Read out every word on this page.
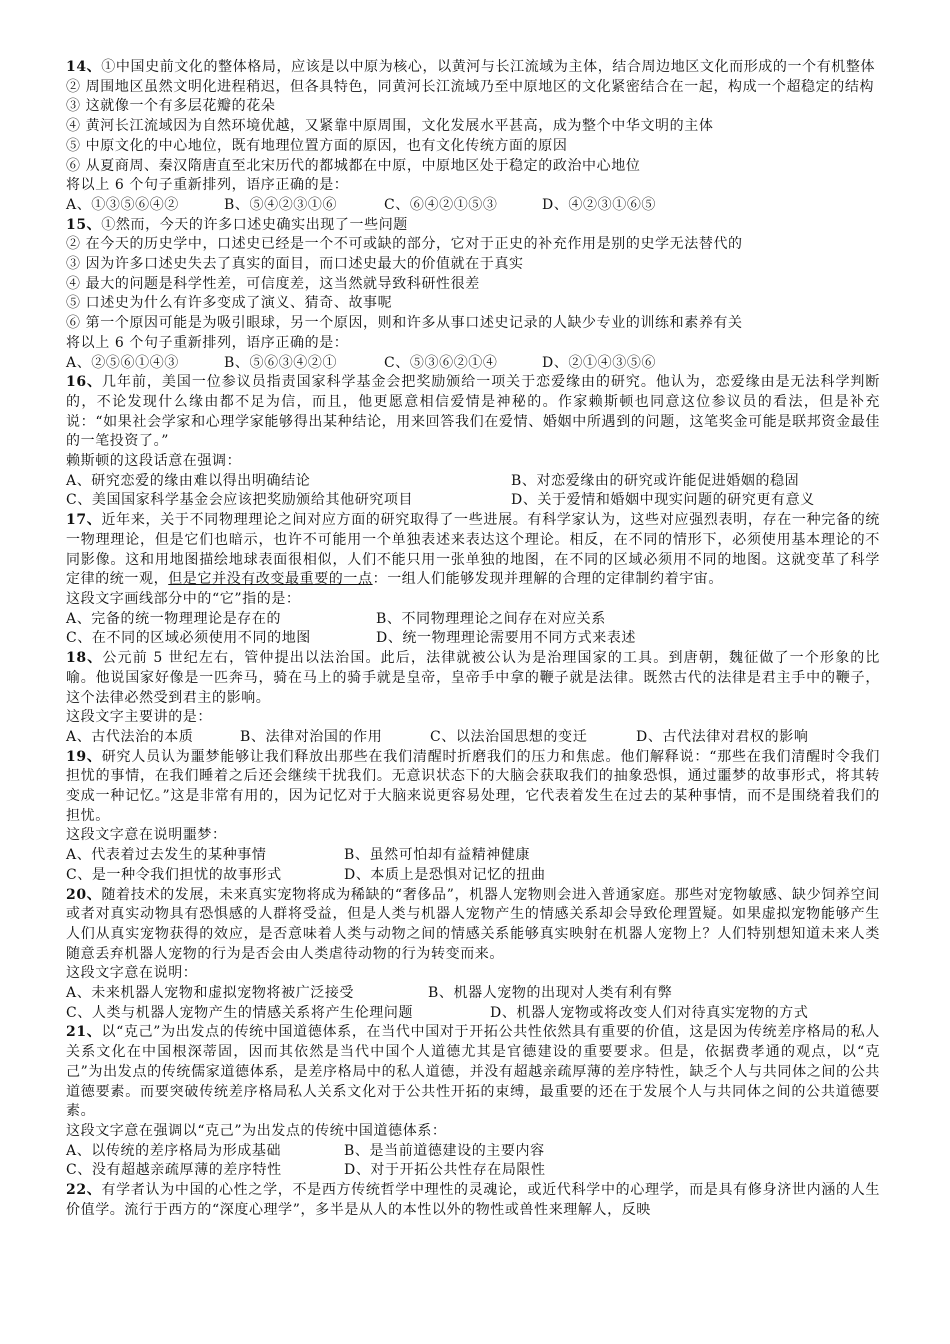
14、①中国史前文化的整体格局，应该是以中原为核心，以黄河与长江流域为主体，结合周边地区文化而形成的一个有机整体

② 周围地区虽然文明化进程稍迟，但各具特色，同黄河长江流域乃至中原地区的文化紧密结合在一起，构成一个超稳定的结构

③ 这就像一个有多层花瓣的花朵

④ 黄河长江流域因为自然环境优越，又紧靠中原周围，文化发展水平甚高，成为整个中华文明的主体

⑤ 中原文化的中心地位，既有地理位置方面的原因，也有文化传统方面的原因

⑥ 从夏商周、秦汉隋唐直至北宋历代的都城都在中原，中原地区处于稳定的政治中心地位

将以上 6 个句子重新排列，语序正确的是：

A、①③⑤⑥④②	B、⑤④②③①⑥	C、⑥④②①⑤③	D、④②③①⑥⑤

15、①然而，今天的许多口述史确实出现了一些问题

② 在今天的历史学中，口述史已经是一个不可或缺的部分，它对于正史的补充作用是别的史学无法替代的

③ 因为许多口述史失去了真实的面目，而口述史最大的价值就在于真实

④ 最大的问题是科学性差，可信度差，这当然就导致科研性很差

⑤ 口述史为什么有许多变成了演义、猜奇、故事呢

⑥ 第一个原因可能是为吸引眼球，另一个原因，则和许多从事口述史记录的人缺少专业的训练和素养有关

将以上 6 个句子重新排列，语序正确的是：

A、②⑤⑥①④③	B、⑤⑥③④②①	C、⑤③⑥②①④	D、②①④③⑤⑥

16、几年前，美国一位参议员指责国家科学基金会把奖励颁给一项关于恋爱缘由的研究。他认为，恋爱缘由是无法科学判断的，不论发现什么缘由都不足为信，而且，他更愿意相信爱情是神秘的。作家赖斯顿也同意这位参议员的看法，但是补充说：“如果社会学家和心理学家能够得出某种结论，用来回答我们在爱情、婚姻中所遇到的问题，这笔奖金可能是联邦资金最佳的一笔投资了。”

赖斯顿的这段话意在强调：

A、研究恋爱的缘由难以得出明确结论	B、对恋爱缘由的研究或许能促进婚姻的稳固
C、美国国家科学基金会应该把奖励颁给其他研究项目	D、关于爱情和婚姻中现实问题的研究更有意义

17、近年来，关于不同物理理论之间对应方面的研究取得了一些进展。有科学家认为，这些对应强烈表明，存在一种完备的统一物理理论，但是它们也暗示，也许不可能用一个单独表述来表达这个理论。相反，在不同的情形下，必须使用基本理论的不同影像。这和用地图描绘地球表面很相似，人们不能只用一张单独的地图，在不同的区域必须用不同的地图。这就变革了科学定律的统一观，但是它并没有改变最重要的一点：一组人们能够发现并理解的合理的定律制约着宇宙。

这段文字画线部分中的“它”指的是：

A、完备的统一物理理论是存在的	B、不同物理理论之间存在对应关系
C、在不同的区域必须使用不同的地图	D、统一物理理论需要用不同方式来表述

18、公元前 5 世纪左右，管仲提出以法治国。此后，法律就被公认为是治理国家的工具。到唐朝，魏征做了一个形象的比喻。他说国家好像是一匹奔马，骑在马上的骑手就是皇帝，皇帝手中拿的鞭子就是法律。既然古代的法律是君主手中的鞭子，这个法律必然受到君主的影响。

这段文字主要讲的是：

A、古代法治的本质	B、法律对治国的作用	C、以法治国思想的变迁	D、古代法律对君权的影响

19、研究人员认为噩梦能够让我们释放出那些在我们清醒时折磨我们的压力和焦虑。他们解释说：“那些在我们清醒时令我们担忧的事情，在我们睡着之后还会继续干扰我们。无意识状态下的大脑会获取我们的抽象恐惧，通过噩梦的故事形式，将其转变成一种记忆。”这是非常有用的，因为记忆对于大脑来说更容易处理，它代表着发生在过去的某种事情，而不是围绕着我们的担忧。

这段文字意在说明噩梦：

A、代表着过去发生的某种事情	B、虽然可怕却有益精神健康
C、是一种令我们担忧的故事形式	D、本质上是恐惧对记忆的扭曲

20、随着技术的发展，未来真实宠物将成为稀缺的“奢侈品”，机器人宠物则会进入普通家庭。那些对宠物敏感、缺少饲养空间或者对真实动物具有恐惧感的人群将受益，但是人类与机器人宠物产生的情感关系却会导致伦理置疑。如果虚拟宠物能够产生人们从真实宠物获得的效应，是否意味着人类与动物之间的情感关系能够真实映射在机器人宠物上？人们特别想知道未来人类随意丢弃机器人宠物的行为是否会由人类虐待动物的行为转变而来。

这段文字意在说明：

A、未来机器人宠物和虚拟宠物将被广泛接受	B、机器人宠物的出现对人类有利有弊
C、人类与机器人宠物产生的情感关系将产生伦理问题	D、机器人宠物或将改变人们对待真实宠物的方式

21、以“克己”为出发点的传统中国道德体系，在当代中国对于开拓公共性依然具有重要的价值，这是因为传统差序格局的私人关系文化在中国根深蒂固，因而其依然是当代中国个人道德尤其是官德建设的重要要求。但是，依据费孝通的观点，以“克己”为出发点的传统儒家道德体系，是差序格局中的私人道德，并没有超越亲疏厚薄的差序特性，缺乏个人与共同体之间的公共道德要素。而要突破传统差序格局私人关系文化对于公共性开拓的束缚，最重要的还在于发展个人与共同体之间的公共道德要素。

这段文字意在强调以“克己”为出发点的传统中国道德体系：

A、以传统的差序格局为形成基础	B、是当前道德建设的主要内容
C、没有超越亲疏厚薄的差序特性	D、对于开拓公共性存在局限性

22、有学者认为中国的心性之学，不是西方传统哲学中理性的灵魂论，或近代科学中的心理学，而是具有修身济世内涵的人生价值学。流行于西方的“深度心理学”，多半是从人的本性以外的物性或兽性来理解人，反映
